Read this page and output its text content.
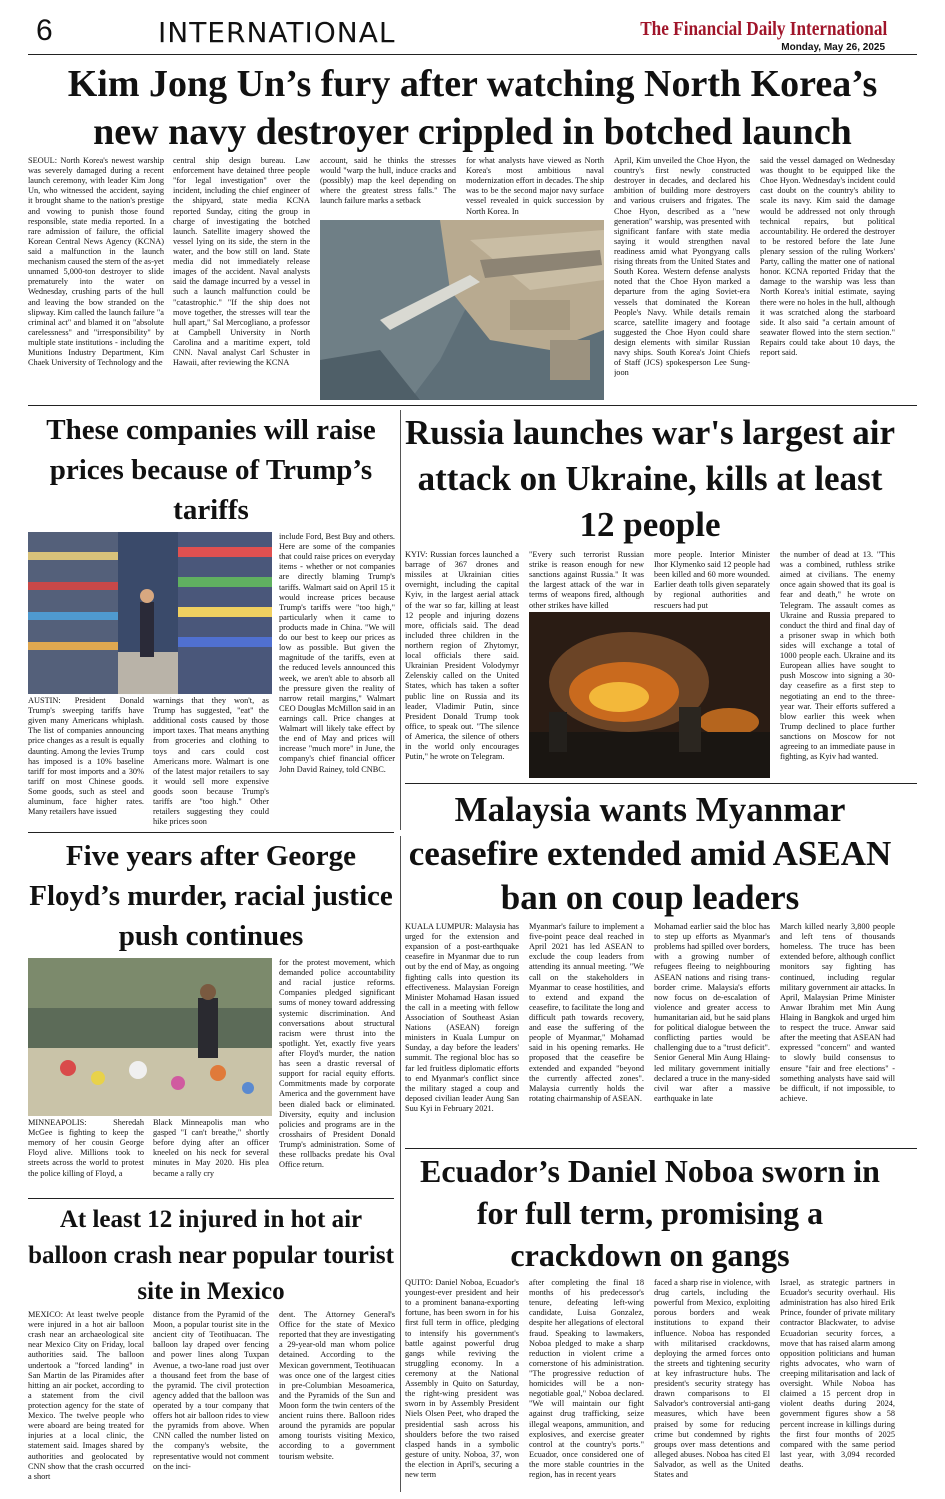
6	INTERNATIONAL	The Financial Daily International
Monday, May 26, 2025
Kim Jong Un’s fury after watching North Korea’s
new navy destroyer crippled in botched launch

SEOUL: North Korea's newest warship was severely damaged during a recent launch ceremony, with leader Kim Jong Un, who witnessed the accident, saying it brought shame to the nation's prestige and vowing to punish those found responsible, state media reported. In a rare admission of failure, the official Korean Central News Agency (KCNA) said a malfunction in the launch mechanism caused the stern of the as-yet unnamed 5,000-ton destroyer to slide prematurely into the water on Wednesday, crushing parts of the hull and leaving the bow stranded on the slipway. Kim called the launch failure "a criminal act" and blamed it on "absolute carelessness" and "irresponsibility" by multiple state institutions - including the Munitions Industry Department, Kim Chaek University of Technology and the

central ship design bureau. Law enforcement have detained three people "for legal investigation" over the incident, including the chief engineer of the shipyard, state media KCNA reported Sunday, citing the group in charge of investigating the botched launch. Satellite imagery showed the vessel lying on its side, the stern in the water, and the bow still on land. State media did not immediately release images of the accident. Naval analysts said the damage incurred by a vessel in such a launch malfunction could be "catastrophic." "If the ship does not move together, the stresses will tear the hull apart," Sal Mercogliano, a professor at Campbell University in North Carolina and a maritime expert, told CNN. Naval analyst Carl Schuster in Hawaii, after reviewing the KCNA

account, said he thinks the stresses would "warp the hull, induce cracks and (possibly) map the keel depending on where the greatest stress falls." The launch failure marks a setback

for what analysts have viewed as North Korea's most ambitious naval modernization effort in decades. The ship was to be the second major navy surface vessel revealed in quick succession by North Korea. In

April, Kim unveiled the Choe Hyon, the country's first newly constructed destroyer in decades, and declared his ambition of building more destroyers and various cruisers and frigates. The Choe Hyon, described as a "new generation" warship, was presented with significant fanfare with state media saying it would strengthen naval readiness amid what Pyongyang calls rising threats from the United States and South Korea. Western defense analysts noted that the Choe Hyon marked a departure from the aging Soviet-era vessels that dominated the Korean People's Navy. While details remain scarce, satellite imagery and footage suggested the Choe Hyon could share design elements with similar Russian navy ships. South Korea's Joint Chiefs of Staff (JCS) spokesperson Lee Sung-joon

said the vessel damaged on Wednesday was thought to be equipped like the Choe Hyon. Wednesday's incident could cast doubt on the country's ability to scale its navy. Kim said the damage would be addressed not only through technical repairs, but political accountability. He ordered the destroyer to be restored before the late June plenary session of the ruling Workers' Party, calling the matter one of national honor. KCNA reported Friday that the damage to the warship was less than North Korea's initial estimate, saying there were no holes in the hull, although it was scratched along the starboard side. It also said "a certain amount of seawater flowed into the stern section." Repairs could take about 10 days, the report said.

These companies will raise prices because of Trump’s tariffs

AUSTIN: President Donald Trump's sweeping tariffs have given many Americans whiplash. The list of companies announcing price changes as a result is equally daunting. Among the levies Trump has imposed is a 10% baseline tariff for most imports and a 30% tariff on most Chinese goods. Some goods, such as steel and aluminum, face higher rates. Many retailers have issued

warnings that they won't, as Trump has suggested, "eat" the additional costs caused by those import taxes. That means anything from groceries and clothing to toys and cars could cost Americans more. Walmart is one of the latest major retailers to say it would sell more expensive goods soon because Trump's tariffs are "too high." Other retailers suggesting they could hike prices soon

include Ford, Best Buy and others. Here are some of the companies that could raise prices on everyday items - whether or not companies are directly blaming Trump's tariffs. Walmart said on April 15 it would increase prices because Trump's tariffs were "too high," particularly when it came to products made in China. "We will do our best to keep our prices as low as possible. But given the magnitude of the tariffs, even at the reduced levels announced this week, we aren't able to absorb all the pressure given the reality of narrow retail margins," Walmart CEO Douglas McMillon said in an earnings call. Price changes at Walmart will likely take effect by the end of May and prices will increase "much more" in June, the company's chief financial officer John David Rainey, told CNBC.

Russia launches war's largest air attack on Ukraine, kills at least 12 people

KYIV: Russian forces launched a barrage of 367 drones and missiles at Ukrainian cities overnight, including the capital Kyiv, in the largest aerial attack of the war so far, killing at least 12 people and injuring dozens more, officials said. The dead included three children in the northern region of Zhytomyr, local officials there said. Ukrainian President Volodymyr Zelenskiy called on the United States, which has taken a softer public line on Russia and its leader, Vladimir Putin, since President Donald Trump took office, to speak out. "The silence of America, the silence of others in the world only encourages Putin," he wrote on Telegram.

"Every such terrorist Russian strike is reason enough for new sanctions against Russia." It was the largest attack of the war in terms of weapons fired, although other strikes have killed

more people. Interior Minister Ihor Klymenko said 12 people had been killed and 60 more wounded. Earlier death tolls given separately by regional authorities and rescuers had put

the number of dead at 13. "This was a combined, ruthless strike aimed at civilians. The enemy once again showed that its goal is fear and death," he wrote on Telegram. The assault comes as Ukraine and Russia prepared to conduct the third and final day of a prisoner swap in which both sides will exchange a total of 1000 people each. Ukraine and its European allies have sought to push Moscow into signing a 30-day ceasefire as a first step to negotiating an end to the three-year war. Their efforts suffered a blow earlier this week when Trump declined to place further sanctions on Moscow for not agreeing to an immediate pause in fighting, as Kyiv had wanted.

Five years after George Floyd’s murder, racial justice push continues

MINNEAPOLIS: Sheredah McGee is fighting to keep the memory of her cousin George Floyd alive. Millions took to streets across the world to protest the police killing of Floyd, a

Black Minneapolis man who gasped "I can't breathe," shortly before dying after an officer kneeled on his neck for several minutes in May 2020. His plea became a rally cry

for the protest movement, which demanded police accountability and racial justice reforms. Companies pledged significant sums of money toward addressing systemic discrimination. And conversations about structural racism were thrust into the spotlight. Yet, exactly five years after Floyd's murder, the nation has seen a drastic reversal of support for racial equity efforts. Commitments made by corporate America and the government have been dialed back or eliminated. Diversity, equity and inclusion policies and programs are in the crosshairs of President Donald Trump's administration. Some of these rollbacks predate his Oval Office return.

Malaysia wants Myanmar ceasefire extended amid ASEAN ban on coup leaders

KUALA LUMPUR: Malaysia has urged for the extension and expansion of a post-earthquake ceasefire in Myanmar due to run out by the end of May, as ongoing fighting calls into question its effectiveness. Malaysian Foreign Minister Mohamad Hasan issued the call in a meeting with fellow Association of Southeast Asian Nations (ASEAN) foreign ministers in Kuala Lumpur on Sunday, a day before the leaders' summit. The regional bloc has so far led fruitless diplomatic efforts to end Myanmar's conflict since the military staged a coup and deposed civilian leader Aung San Suu Kyi in February 2021.

Myanmar's failure to implement a five-point peace deal reached in April 2021 has led ASEAN to exclude the coup leaders from attending its annual meeting. "We call on the stakeholders in Myanmar to cease hostilities, and to extend and expand the ceasefire, to facilitate the long and difficult path towards recovery, and ease the suffering of the people of Myanmar," Mohamad said in his opening remarks. He proposed that the ceasefire be extended and expanded "beyond the currently affected zones". Malaysia currently holds the rotating chairmanship of ASEAN.

Mohamad earlier said the bloc has to step up efforts as Myanmar's problems had spilled over borders, with a growing number of refugees fleeing to neighbouring ASEAN nations and rising trans-border crime. Malaysia's efforts now focus on de-escalation of violence and greater access to humanitarian aid, but he said plans for political dialogue between the conflicting parties would be challenging due to a "trust deficit". Senior General Min Aung Hlaing-led military government initially declared a truce in the many-sided civil war after a massive earthquake in late

March killed nearly 3,800 people and left tens of thousands homeless. The truce has been extended before, although conflict monitors say fighting has continued, including regular military government air attacks. In April, Malaysian Prime Minister Anwar Ibrahim met Min Aung Hlaing in Bangkok and urged him to respect the truce. Anwar said after the meeting that ASEAN had expressed "concern" and wanted to slowly build consensus to ensure "fair and free elections" - something analysts have said will be difficult, if not impossible, to achieve.

At least 12 injured in hot air balloon crash near popular tourist site in Mexico

MEXICO: At least twelve people were injured in a hot air balloon crash near an archaeological site near Mexico City on Friday, local authorities said. The balloon undertook a "forced landing" in San Martin de las Piramides after hitting an air pocket, according to a statement from the civil protection agency for the state of Mexico. The twelve people who were aboard are being treated for injuries at a local clinic, the statement said. Images shared by authorities and geolocated by CNN show that the crash occurred a short

distance from the Pyramid of the Moon, a popular tourist site in the ancient city of Teotihuacan. The balloon lay draped over fencing and power lines along Tuxpan Avenue, a two-lane road just over a thousand feet from the base of the pyramid. The civil protection agency added that the balloon was operated by a tour company that offers hot air balloon rides to view the pyramids from above. When CNN called the number listed on the company's website, the representative would not comment on the inci-

dent. The Attorney General's Office for the state of Mexico reported that they are investigating a 29-year-old man whom police detained. According to the Mexican government, Teotihuacan was once one of the largest cities in pre-Columbian Mesoamerica, and the Pyramids of the Sun and Moon form the twin centers of the ancient ruins there. Balloon rides around the pyramids are popular among tourists visiting Mexico, according to a government tourism website.

Ecuador’s Daniel Noboa sworn in for full term, promising a crackdown on gangs

QUITO: Daniel Noboa, Ecuador's youngest-ever president and heir to a prominent banana-exporting fortune, has been sworn in for his first full term in office, pledging to intensify his government's battle against powerful drug gangs while reviving the struggling economy. In a ceremony at the National Assembly in Quito on Saturday, the right-wing president was sworn in by Assembly President Niels Olsen Peet, who draped the presidential sash across his shoulders before the two raised clasped hands in a symbolic gesture of unity. Noboa, 37, won the election in April's, securing a new term

after completing the final 18 months of his predecessor's tenure, defeating left-wing candidate, Luisa Gonzalez, despite her allegations of electoral fraud. Speaking to lawmakers, Noboa pledged to make a sharp reduction in violent crime a cornerstone of his administration. "The progressive reduction of homicides will be a non-negotiable goal," Noboa declared. "We will maintain our fight against drug trafficking, seize illegal weapons, ammunition, and explosives, and exercise greater control at the country's ports." Ecuador, once considered one of the more stable countries in the region, has in recent years

faced a sharp rise in violence, with drug cartels, including the powerful from Mexico, exploiting porous borders and weak institutions to expand their influence. Noboa has responded with militarised crackdowns, deploying the armed forces onto the streets and tightening security at key infrastructure hubs. The president's security strategy has drawn comparisons to El Salvador's controversial anti-gang measures, which have been praised by some for reducing crime but condemned by rights groups over mass detentions and alleged abuses. Noboa has cited El Salvador, as well as the United States and

Israel, as strategic partners in Ecuador's security overhaul. His administration has also hired Erik Prince, founder of private military contractor Blackwater, to advise Ecuadorian security forces, a move that has raised alarm among opposition politicians and human rights advocates, who warn of creeping militarisation and lack of oversight. While Noboa has claimed a 15 percent drop in violent deaths during 2024, government figures show a 58 percent increase in killings during the first four months of 2025 compared with the same period last year, with 3,094 recorded deaths.
